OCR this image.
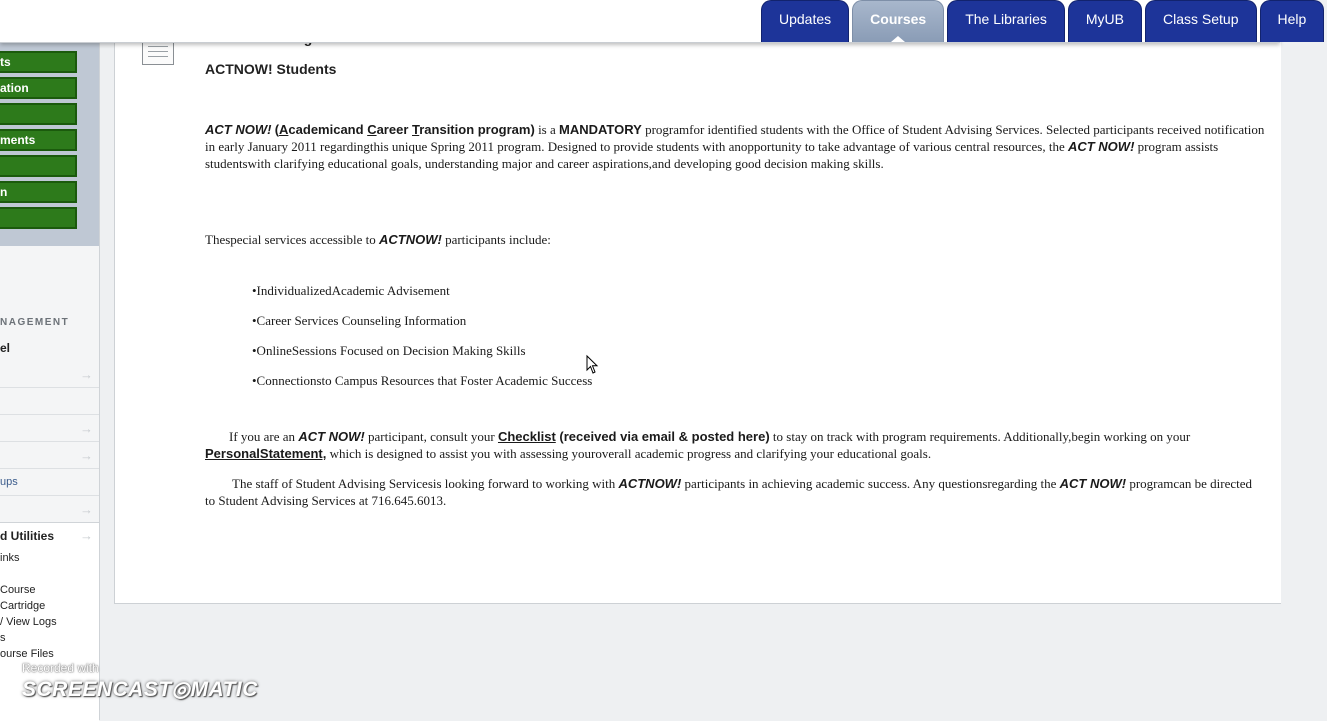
Updates	Courses	The Libraries	MyUB	Class Setup	Help
ts
ation
ments
n
NAGEMENT
el
→
→
→
ups
→
d Utilities →
inks
Course
Cartridge
/ View Logs
s
ourse Files
ACTNOW! Students
ACT NOW! (Academicand Career Transition program) is a MANDATORY programfor identified students with the Office of Student Advising Services. Selected participants received notification in early January 2011 regardingthis unique Spring 2011 program. Designed to provide students with anopportunity to take advantage of various central resources, the ACT NOW! program assists studentswith clarifying educational goals, understanding major and career aspirations,and developing good decision making skills.
Thespecial services accessible to ACTNOW! participants include:
•IndividualizedAcademic Advisement
•Career Services Counseling Information
•OnlineSessions Focused on Decision Making Skills
•Connectionsto Campus Resources that Foster Academic Success
If you are an ACT NOW! participant, consult your Checklist (received via email & posted here) to stay on track with program requirements. Additionally,begin working on your PersonalStatement, which is designed to assist you with assessing youroverall academic progress and clarifying your educational goals.
The staff of Student Advising Servicesis looking forward to working with ACTNOW! participants in achieving academic success. Any questionsregarding the ACT NOW! programcan be directed to Student Advising Services at 716.645.6013.
Recorded with
SCREENCAST◎MATIC
